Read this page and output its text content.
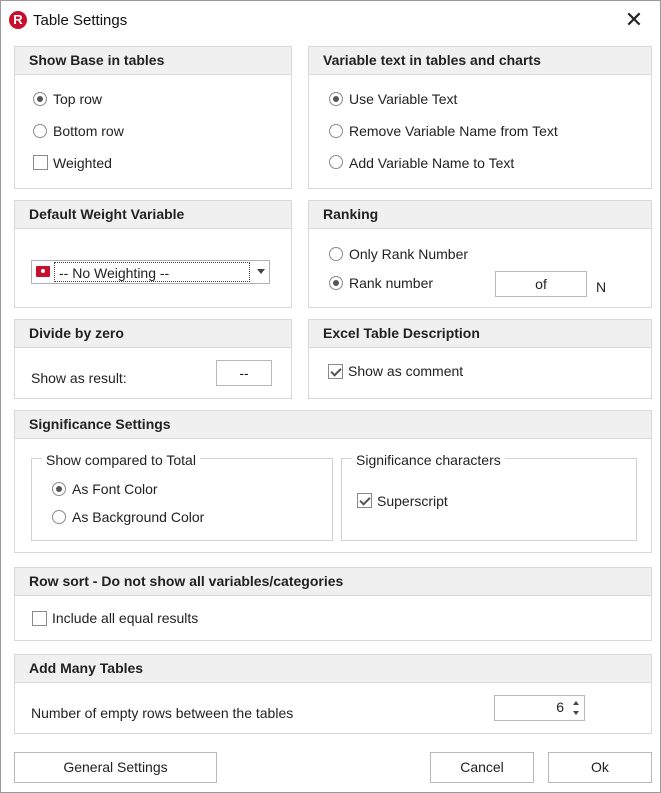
R Table Settings	✕
Show Base in tables
Top row
Bottom row
Weighted
Variable text in tables and charts
Use Variable Text
Remove Variable Name from Text
Add Variable Name to Text
Default Weight Variable
-- No Weighting --
Ranking
Only Rank Number
Rank number	of	N
Divide by zero
Show as result:	--
Excel Table Description
Show as comment
Significance Settings
Show compared to Total
As Font Color
As Background Color
Significance characters
Superscript
Row sort - Do not show all variables/categories
Include all equal results
Add Many Tables
Number of empty rows between the tables	6
General Settings	Cancel	Ok
